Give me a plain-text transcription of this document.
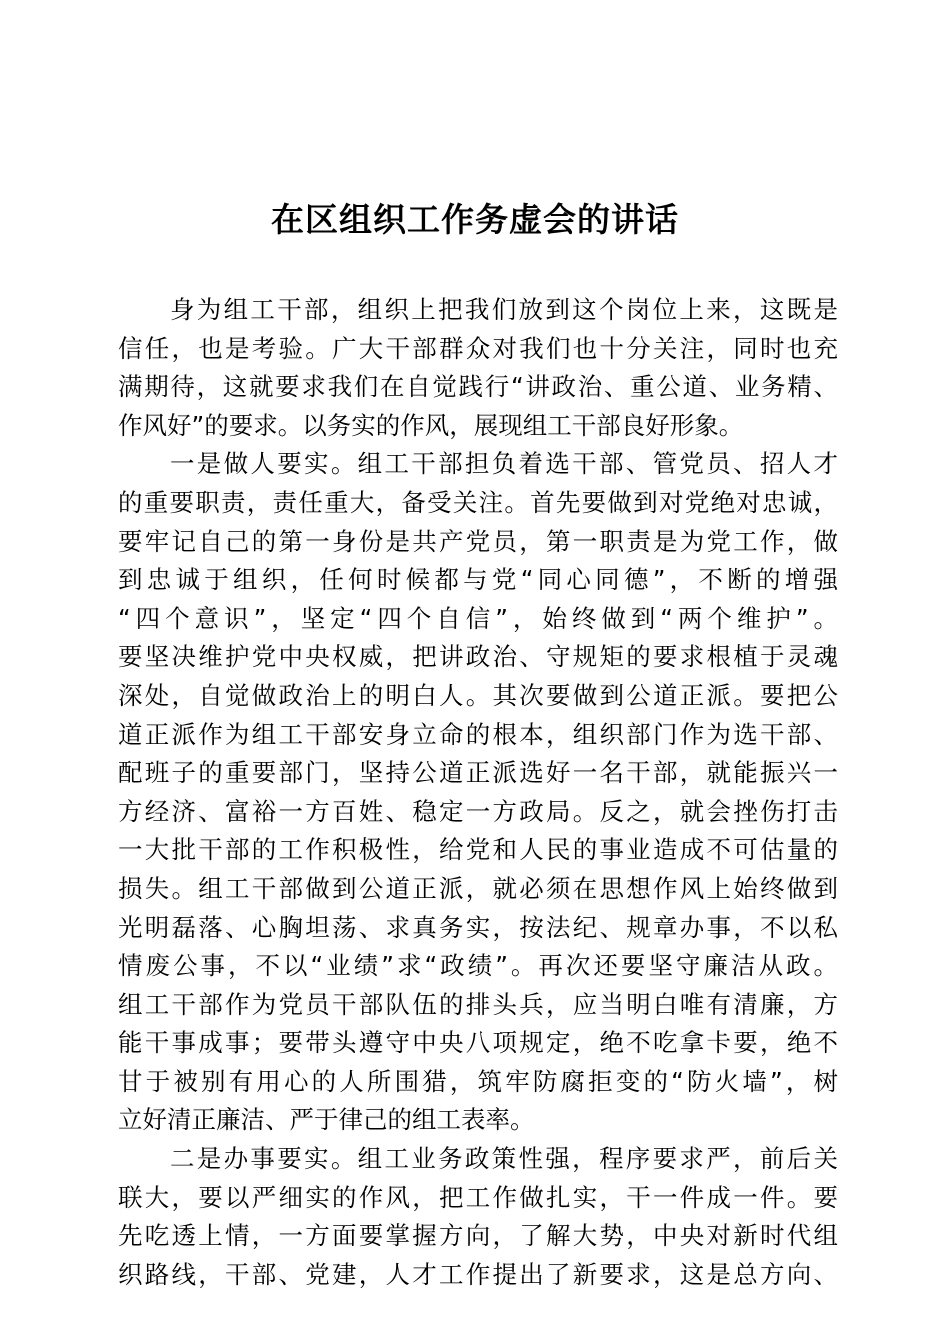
在区组织工作务虚会的讲话
身为组工干部，组织上把我们放到这个岗位上来，这既是
信任，也是考验。广大干部群众对我们也十分关注，同时也充
满期待，这就要求我们在自觉践行“讲政治、重公道、业务精、
作风好”的要求。以务实的作风，展现组工干部良好形象。
一是做人要实。组工干部担负着选干部、管党员、招人才
的重要职责，责任重大，备受关注。首先要做到对党绝对忠诚，
要牢记自己的第一身份是共产党员，第一职责是为党工作，做
到忠诚于组织，任何时候都与党“同心同德”，不断的增强
“四个意识”，坚定“四个自信”，始终做到“两个维护”。
要坚决维护党中央权威，把讲政治、守规矩的要求根植于灵魂
深处，自觉做政治上的明白人。其次要做到公道正派。要把公
道正派作为组工干部安身立命的根本，组织部门作为选干部、
配班子的重要部门，坚持公道正派选好一名干部，就能振兴一
方经济、富裕一方百姓、稳定一方政局。反之，就会挫伤打击
一大批干部的工作积极性，给党和人民的事业造成不可估量的
损失。组工干部做到公道正派，就必须在思想作风上始终做到
光明磊落、心胸坦荡、求真务实，按法纪、规章办事，不以私
情废公事，不以“业绩”求“政绩”。再次还要坚守廉洁从政。
组工干部作为党员干部队伍的排头兵，应当明白唯有清廉，方
能干事成事；要带头遵守中央八项规定，绝不吃拿卡要，绝不
甘于被别有用心的人所围猎，筑牢防腐拒变的“防火墙”，树
立好清正廉洁、严于律己的组工表率。
二是办事要实。组工业务政策性强，程序要求严，前后关
联大，要以严细实的作风，把工作做扎实，干一件成一件。要
先吃透上情，一方面要掌握方向，了解大势，中央对新时代组
织路线，干部、党建，人才工作提出了新要求，这是总方向、
